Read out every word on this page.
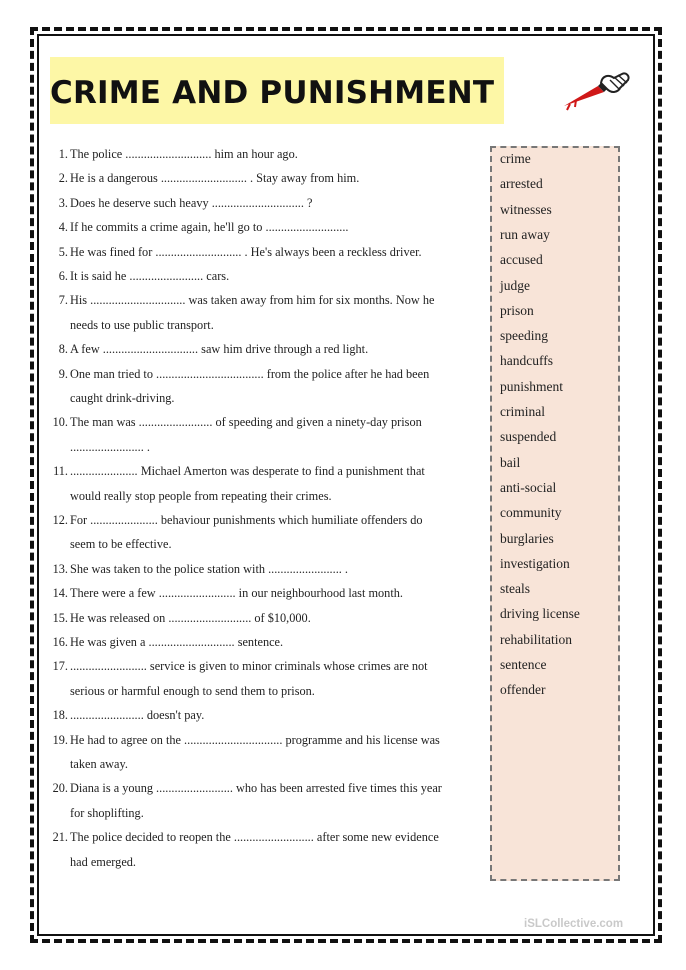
CRIME AND PUNISHMENT
1. The police ............................ him an hour ago.
2. He is a dangerous ............................ . Stay away from him.
3. Does he deserve such heavy .............................. ?
4. If he commits a crime again, he'll go to ...........................
5. He was fined for ............................ . He's always been a reckless driver.
6. It is said he ........................ cars.
7. His ............................... was taken away from him for six months. Now he
needs to use public transport.
8. A few ............................... saw him drive through a red light.
9. One man tried to ................................... from the police after he had been
caught drink-driving.
10. The man was ........................ of speeding and given a ninety-day prison
........................ .
11. ...................... Michael Amerton was desperate to find a punishment that
would really stop people from repeating their crimes.
12. For ...................... behaviour punishments which humiliate offenders do
seem to be effective.
13. She was taken to the police station with ........................ .
14. There were a few ......................... in our neighbourhood last month.
15. He was released on ........................... of $10,000.
16. He was given a ............................ sentence.
17. ......................... service is given to minor criminals whose crimes are not
serious or harmful enough to send them to prison.
18. ........................ doesn't pay.
19. He had to agree on the ................................ programme and his license was
taken away.
20. Diana is a young ......................... who has been arrested five times this year
for shoplifting.
21. The police decided to reopen the .......................... after some new evidence
had emerged.
crime
arrested
witnesses
run away
accused
judge
prison
speeding
handcuffs
punishment
criminal
suspended
bail
anti-social
community
burglaries
investigation
steals
driving license
rehabilitation
sentence
offender
iSLCollective.com
